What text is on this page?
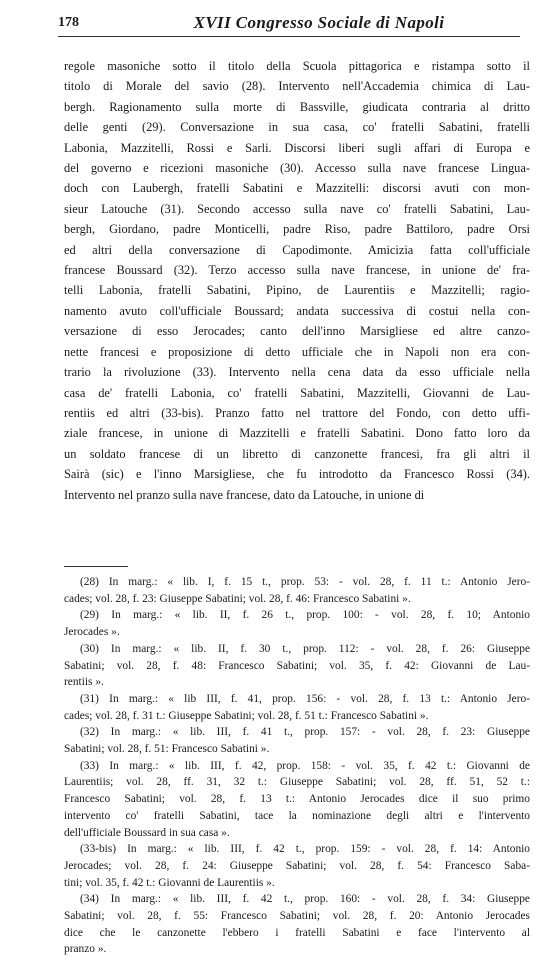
178	XVII Congresso Sociale di Napoli
regole masoniche sotto il titolo della Scuola pittagorica e ristampa sotto il
titolo di Morale del savio (28). Intervento nell'Accademia chimica di Lau-
bergh. Ragionamento sulla morte di Bassville, giudicata contraria al dritto
delle genti (29). Conversazione in sua casa, co' fratelli Sabatini, fratelli
Labonia, Mazzitelli, Rossi e Sarli. Discorsi liberi sugli affari di Europa e
del governo e ricezioni masoniche (30). Accesso sulla nave francese Lingua-
doch con Laubergh, fratelli Sabatini e Mazzitelli: discorsi avuti con mon-
sieur Latouche (31). Secondo accesso sulla nave co' fratelli Sabatini, Lau-
bergh, Giordano, padre Monticelli, padre Riso, padre Battiloro, padre Orsi
ed altri della conversazione di Capodimonte. Amicizia fatta coll'ufficiale
francese Boussard (32). Terzo accesso sulla nave francese, in unione de' fra-
telli Labonia, fratelli Sabatini, Pipino, de Laurentiis e Mazzitelli; ragio-
namento avuto coll'ufficiale Boussard; andata successiva di costui nella con-
versazione di esso Jerocades; canto dell'inno Marsigliese ed altre canzo-
nette francesi e proposizione di detto ufficiale che in Napoli non era con-
trario la rivoluzione (33). Intervento nella cena data da esso ufficiale nella
casa de' fratelli Labonia, co' fratelli Sabatini, Mazzitelli, Giovanni de Lau-
rentiis ed altri (33-bis). Pranzo fatto nel trattore del Fondo, con detto uffi-
ziale francese, in unione di Mazzitelli e fratelli Sabatini. Dono fatto loro da
un soldato francese di un libretto di canzonette francesi, fra gli altri il
Sairà (sic) e l'inno Marsigliese, che fu introdotto da Francesco Rossi (34).
Intervento nel pranzo sulla nave francese, dato da Latouche, in unione di
(28) In marg.: « lib. I, f. 15 t., prop. 53: - vol. 28, f. 11 t.: Antonio Jero-
cades; vol. 28, f. 23: Giuseppe Sabatini; vol. 28, f. 46: Francesco Sabatini ».
(29) In marg.: « lib. II, f. 26 t., prop. 100: - vol. 28, f. 10; Antonio
Jerocades ».
(30) In marg.: « lib. II, f. 30 t., prop. 112: - vol. 28, f. 26: Giuseppe
Sabatini; vol. 28, f. 48: Francesco Sabatini; vol. 35, f. 42: Giovanni de Lau-
rentiis ».
(31) In marg.: « lib III, f. 41, prop. 156: - vol. 28, f. 13 t.: Antonio Jero-
cades; vol. 28, f. 31 t.: Giuseppe Sabatini; vol. 28, f. 51 t.: Francesco Sabatini ».
(32) In marg.: « lib. III, f. 41 t., prop. 157: - vol. 28, f. 23: Giuseppe
Sabatini; vol. 28, f. 51: Francesco Sabatini ».
(33) In marg.: « lib. III, f. 42, prop. 158: - vol. 35, f. 42 t.: Giovanni de
Laurentiis; vol. 28, ff. 31, 32 t.: Giuseppe Sabatini; vol. 28, ff. 51, 52 t.:
Francesco Sabatini; vol. 28, f. 13 t.: Antonio Jerocades dice il suo primo
intervento co' fratelli Sabatini, tace la nominazione degli altri e l'intervento
dell'ufficiale Boussard in sua casa ».
(33-bis) In marg.: « lib. III, f. 42 t., prop. 159: - vol. 28, f. 14: Antonio
Jerocades; vol. 28, f. 24: Giuseppe Sabatini; vol. 28, f. 54: Francesco Saba-
tini; vol. 35, f. 42 t.: Giovanni de Laurentiis ».
(34) In marg.: « lib. III, f. 42 t., prop. 160: - vol. 28, f. 34: Giuseppe
Sabatini; vol. 28, f. 55: Francesco Sabatini; vol. 28, f. 20: Antonio Jerocades
dice che le canzonette l'ebbero i fratelli Sabatini e face l'intervento al
pranzo ».
